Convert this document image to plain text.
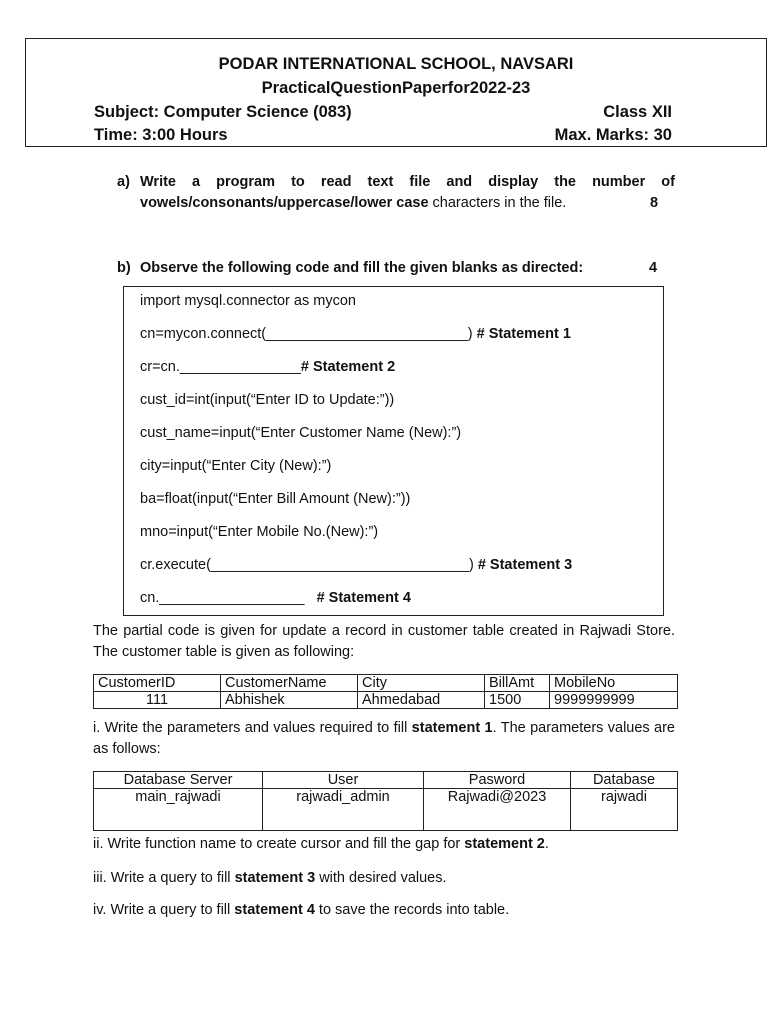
PODAR INTERNATIONAL SCHOOL, NAVSARI
PracticalQuestionPaperfor2022-23
Subject: Computer Science (083)	Class XII
Time: 3:00 Hours	Max. Marks: 30
a) Write a program to read text file and display the number of
vowels/consonants/uppercase/lower case characters in the file.	8
b) Observe the following code and fill the given blanks as directed:	4
import mysql.connector as mycon
cn=mycon.connect(_________________________) # Statement 1
cr=cn._______________# Statement 2
cust_id=int(input(“Enter ID to Update:”))
cust_name=input(“Enter Customer Name (New):”)
city=input(“Enter City (New):”)
ba=float(input(“Enter Bill Amount (New):”))
mno=input(“Enter Mobile No.(New):”)
cr.execute(________________________________) # Statement 3
cn.__________________   # Statement 4
The partial code is given for update a record in customer table created in Rajwadi Store. The customer table is given as following:
CustomerID	CustomerName	City	BillAmt	MobileNo
111	Abhishek	Ahmedabad	1500	9999999999
i. Write the parameters and values required to fill statement 1. The parameters values are as follows:
Database Server	User	Pasword	Database
main_rajwadi	rajwadi_admin	Rajwadi@2023	rajwadi
ii. Write function name to create cursor and fill the gap for statement 2.
iii. Write a query to fill statement 3 with desired values.
iv. Write a query to fill statement 4 to save the records into table.
